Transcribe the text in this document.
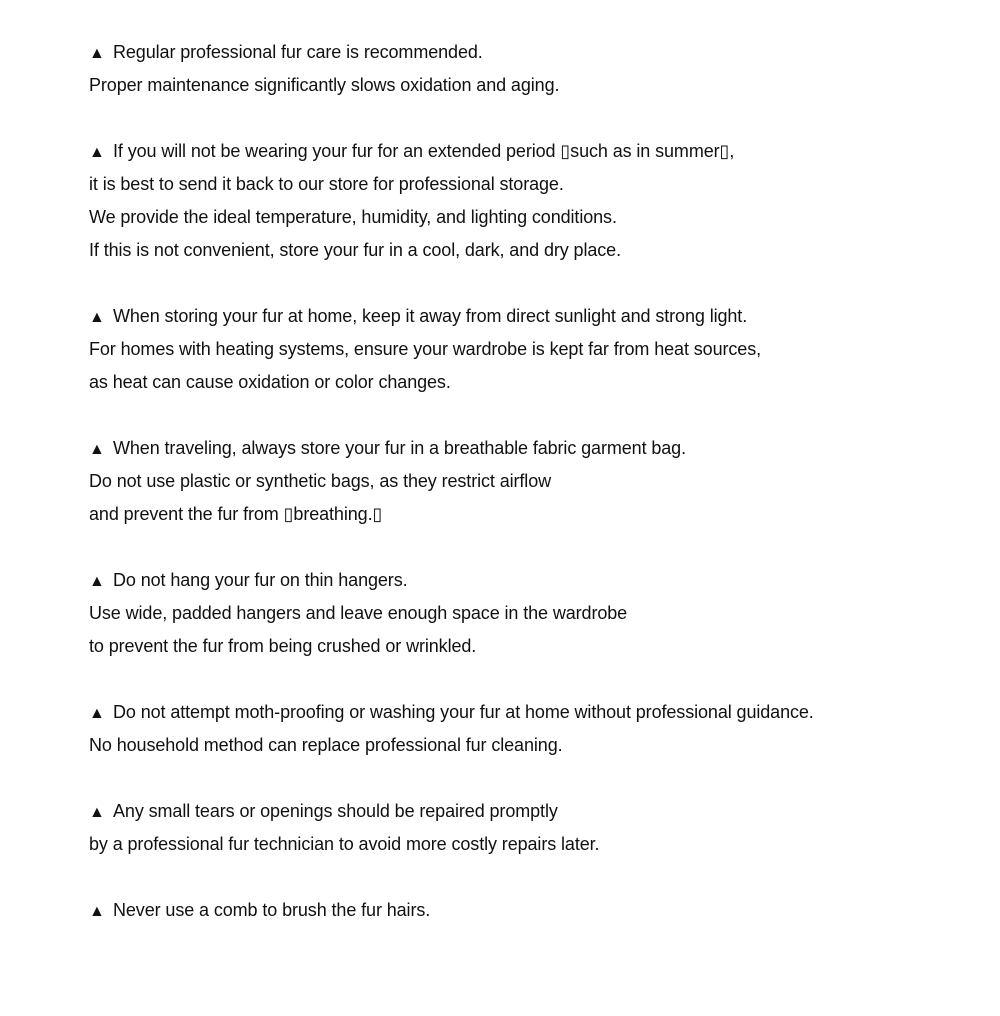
▲ Regular professional fur care is recommended.
Proper maintenance significantly slows oxidation and aging.
▲ If you will not be wearing your fur for an extended period ▯such as in summer▯,
it is best to send it back to our store for professional storage.
We provide the ideal temperature, humidity, and lighting conditions.
If this is not convenient, store your fur in a cool, dark, and dry place.
▲ When storing your fur at home, keep it away from direct sunlight and strong light.
For homes with heating systems, ensure your wardrobe is kept far from heat sources,
as heat can cause oxidation or color changes.
▲ When traveling, always store your fur in a breathable fabric garment bag.
Do not use plastic or synthetic bags, as they restrict airflow
and prevent the fur from ▯breathing.▯
▲ Do not hang your fur on thin hangers.
Use wide, padded hangers and leave enough space in the wardrobe
to prevent the fur from being crushed or wrinkled.
▲ Do not attempt moth-proofing or washing your fur at home without professional guidance.
No household method can replace professional fur cleaning.
▲ Any small tears or openings should be repaired promptly
by a professional fur technician to avoid more costly repairs later.
▲ Never use a comb to brush the fur hairs.
